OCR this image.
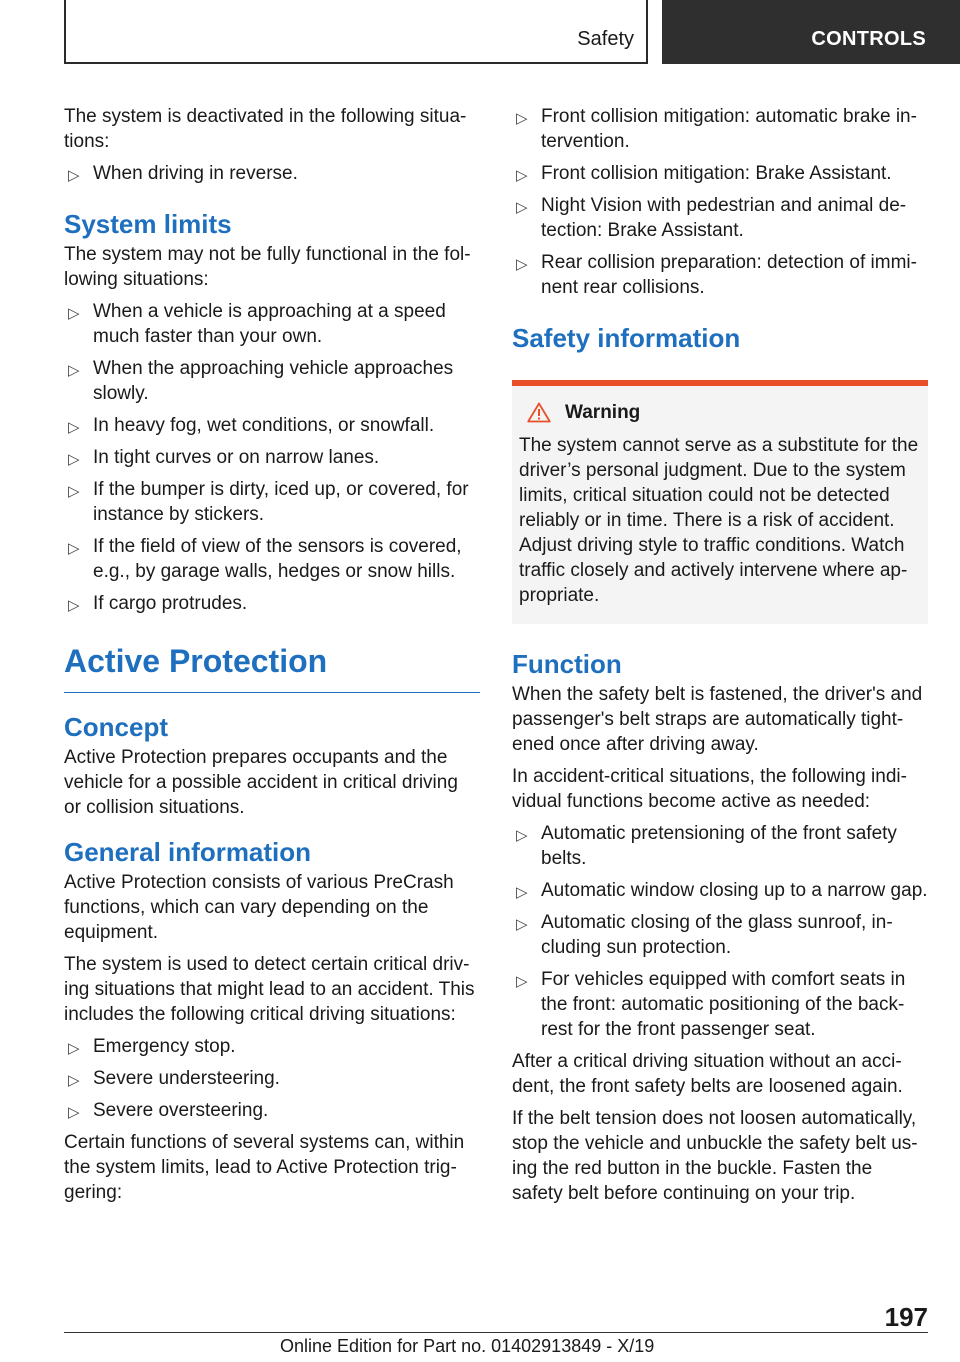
Safety	CONTROLS

The system is deactivated in the following situations:

▷ When driving in reverse.
System limits

The system may not be fully functional in the following situations:

▷ When a vehicle is approaching at a speed much faster than your own.
▷ When the approaching vehicle approaches slowly.
▷ In heavy fog, wet conditions, or snowfall.
▷ In tight curves or on narrow lanes.
▷ If the bumper is dirty, iced up, or covered, for instance by stickers.
▷ If the field of view of the sensors is covered, e.g., by garage walls, hedges or snow hills.
▷ If cargo protrudes.
Active Protection
Concept

Active Protection prepares occupants and the vehicle for a possible accident in critical driving or collision situations.

General information

Active Protection consists of various PreCrash functions, which can vary depending on the equipment.

The system is used to detect certain critical driving situations that might lead to an accident. This includes the following critical driving situations:

▷ Emergency stop.
▷ Severe understeering.
▷ Severe oversteering.

Certain functions of several systems can, within the system limits, lead to Active Protection triggering:

▷ Front collision mitigation: automatic brake intervention.
▷ Front collision mitigation: Brake Assistant.
▷ Night Vision with pedestrian and animal detection: Brake Assistant.
▷ Rear collision preparation: detection of imminent rear collisions.
Safety information
Warning
The system cannot serve as a substitute for the driver’s personal judgment. Due to the system limits, critical situation could not be detected reliably or in time. There is a risk of accident. Adjust driving style to traffic conditions. Watch traffic closely and actively intervene where appropriate.
Function

When the safety belt is fastened, the driver's and passenger's belt straps are automatically tightened once after driving away.

In accident-critical situations, the following individual functions become active as needed:

▷ Automatic pretensioning of the front safety belts.
▷ Automatic window closing up to a narrow gap.
▷ Automatic closing of the glass sunroof, including sun protection.
▷ For vehicles equipped with comfort seats in the front: automatic positioning of the backrest for the front passenger seat.

After a critical driving situation without an accident, the front safety belts are loosened again.

If the belt tension does not loosen automatically, stop the vehicle and unbuckle the safety belt using the red button in the buckle. Fasten the safety belt before continuing on your trip.

197
Online Edition for Part no. 01402913849 - X/19
